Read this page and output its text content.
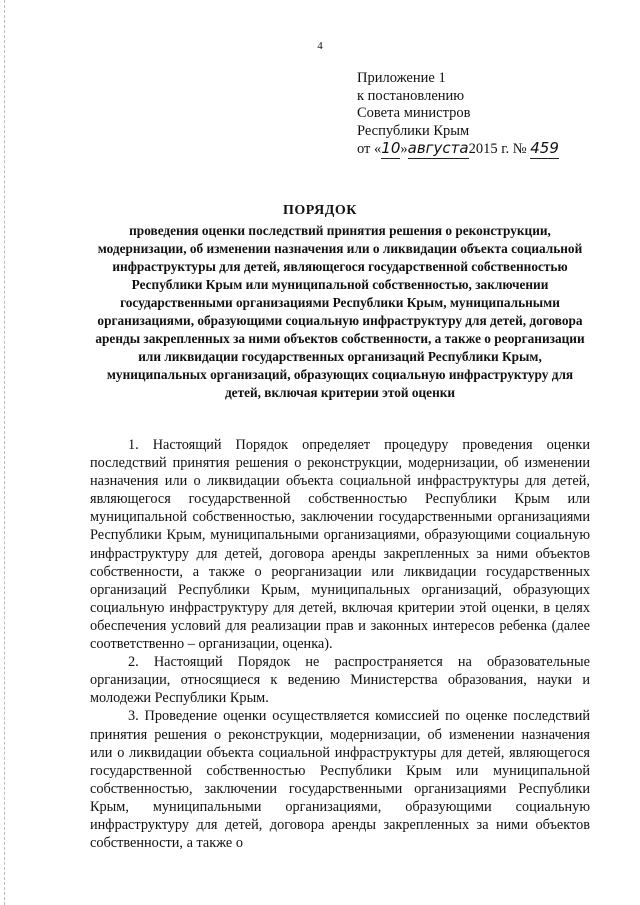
4
Приложение 1
к постановлению
Совета министров
Республики Крым
от «10»августа2015 г. № 459
ПОРЯДОК
проведения оценки последствий принятия решения о реконструкции, модернизации, об изменении назначения или о ликвидации объекта социальной инфраструктуры для детей, являющегося государственной собственностью Республики Крым или муниципальной собственностью, заключении государственными организациями Республики Крым, муниципальными организациями, образующими социальную инфраструктуру для детей, договора аренды закрепленных за ними объектов собственности, а также о реорганизации или ликвидации государственных организаций Республики Крым, муниципальных организаций, образующих социальную инфраструктуру для детей, включая критерии этой оценки

1. Настоящий Порядок определяет процедуру проведения оценки последствий принятия решения о реконструкции, модернизации, об изменении назначения или о ликвидации объекта социальной инфраструктуры для детей, являющегося государственной собственностью Республики Крым или муниципальной собственностью, заключении государственными организациями Республики Крым, муниципальными организациями, образующими социальную инфраструктуру для детей, договора аренды закрепленных за ними объектов собственности, а также о реорганизации или ликвидации государственных организаций Республики Крым, муниципальных организаций, образующих социальную инфраструктуру для детей, включая критерии этой оценки, в целях обеспечения условий для реализации прав и законных интересов ребенка (далее соответственно – организации, оценка).

2. Настоящий Порядок не распространяется на образовательные организации, относящиеся к ведению Министерства образования, науки и молодежи Республики Крым.

3. Проведение оценки осуществляется комиссией по оценке последствий принятия решения о реконструкции, модернизации, об изменении назначения или о ликвидации объекта социальной инфраструктуры для детей, являющегося государственной собственностью Республики Крым или муниципальной собственностью, заключении государственными организациями Республики Крым, муниципальными организациями, образующими социальную инфраструктуру для детей, договора аренды закрепленных за ними объектов собственности, а также о
